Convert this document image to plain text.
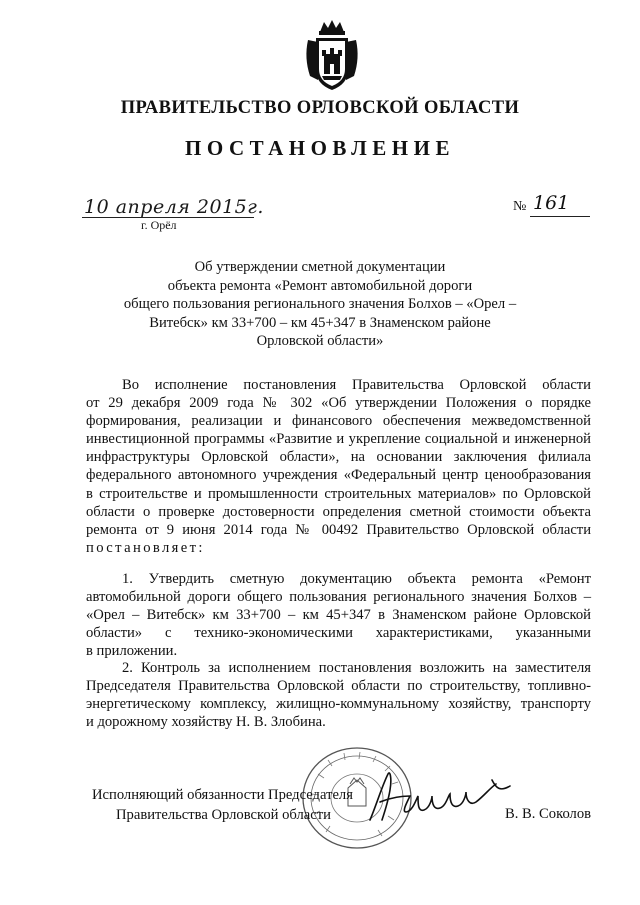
ПРАВИТЕЛЬСТВО ОРЛОВСКОЙ ОБЛАСТИ
ПОСТАНОВЛЕНИЕ
10 апреля 2015г.
г. Орёл
№ 161
Об утверждении сметной документации
объекта ремонта «Ремонт автомобильной дороги
общего пользования регионального значения Болхов – «Орел –
Витебск» км 33+700 – км 45+347 в Знаменском районе
Орловской области»
Во исполнение постановления Правительства Орловской области
от 29 декабря 2009 года № 302 «Об утверждении Положения о порядке
формирования, реализации и финансового обеспечения межведомственной
инвестиционной программы «Развитие и укрепление социальной и инженерной
инфраструктуры Орловской области», на основании заключения филиала
федерального автономного учреждения «Федеральный центр ценообразования
в строительстве и промышленности строительных материалов» по Орловской
области о проверке достоверности определения сметной стоимости объекта
ремонта от 9 июня 2014 года № 00492 Правительство Орловской области
постановляет:
1. Утвердить сметную документацию объекта ремонта «Ремонт
автомобильной дороги общего пользования регионального значения Болхов –
«Орел – Витебск» км 33+700 – км 45+347 в Знаменском районе Орловской
области» с технико-экономическими характеристиками, указанными
в приложении.
2. Контроль за исполнением постановления возложить на заместителя
Председателя Правительства Орловской области по строительству, топливно-
энергетическому комплексу, жилищно-коммунальному хозяйству, транспорту
и дорожному хозяйству Н. В. Злобина.
Исполняющий обязанности Председателя
Правительства Орловской области	В. В. Соколов
